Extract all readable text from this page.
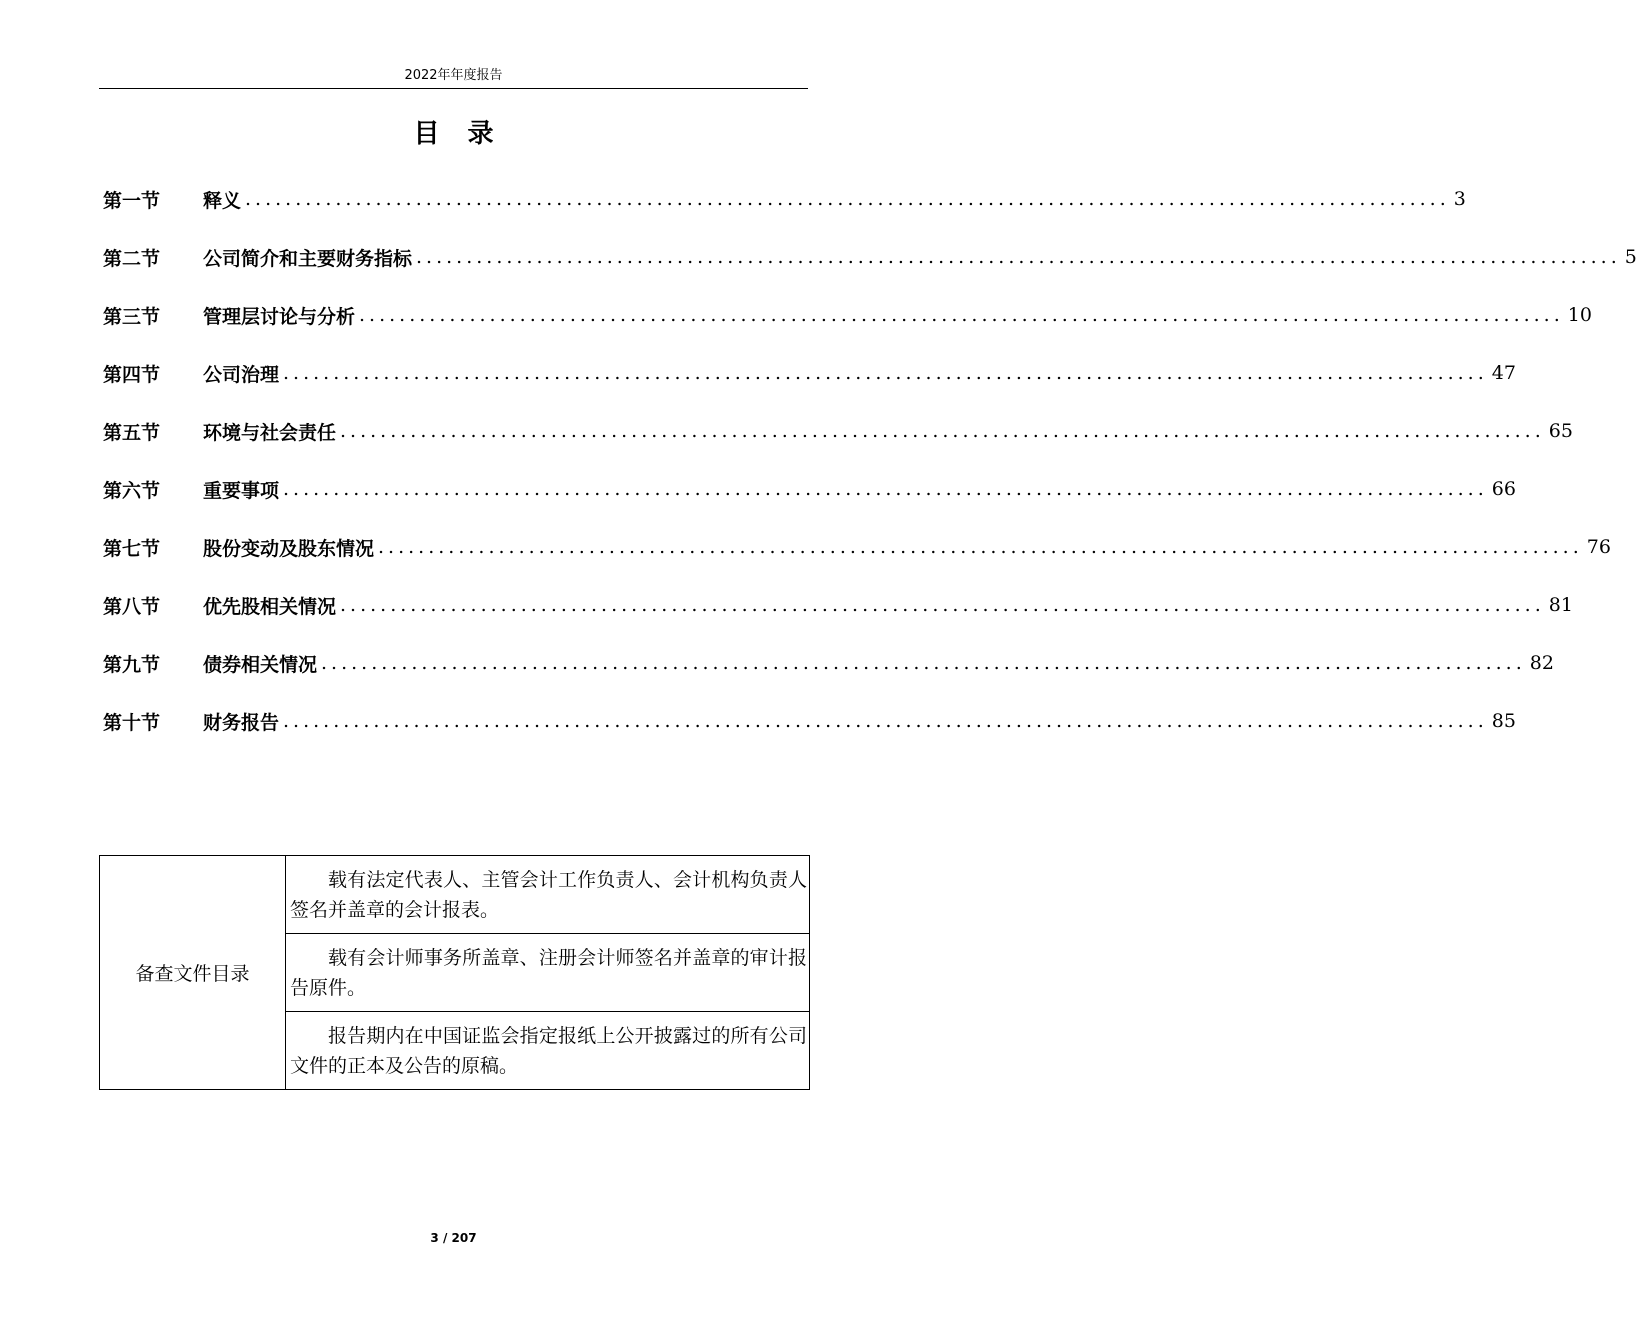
2022年年度报告
目录
第一节	释义 ........................................................................................................................ 3
第二节	公司简介和主要财务指标 ........................................................................................................................ 5
第三节	管理层讨论与分析 ........................................................................................................................ 10
第四节	公司治理 ........................................................................................................................ 47
第五节	环境与社会责任 ........................................................................................................................ 65
第六节	重要事项 ........................................................................................................................ 66
第七节	股份变动及股东情况 ........................................................................................................................ 76
第八节	优先股相关情况 ........................................................................................................................ 81
第九节	债券相关情况 ........................................................................................................................ 82
第十节	财务报告 ........................................................................................................................ 85
备查文件目录	载有法定代表人、主管会计工作负责人、会计机构负责人签名并盖章的会计报表。
载有会计师事务所盖章、注册会计师签名并盖章的审计报告原件。
报告期内在中国证监会指定报纸上公开披露过的所有公司文件的正本及公告的原稿。
3 / 207
